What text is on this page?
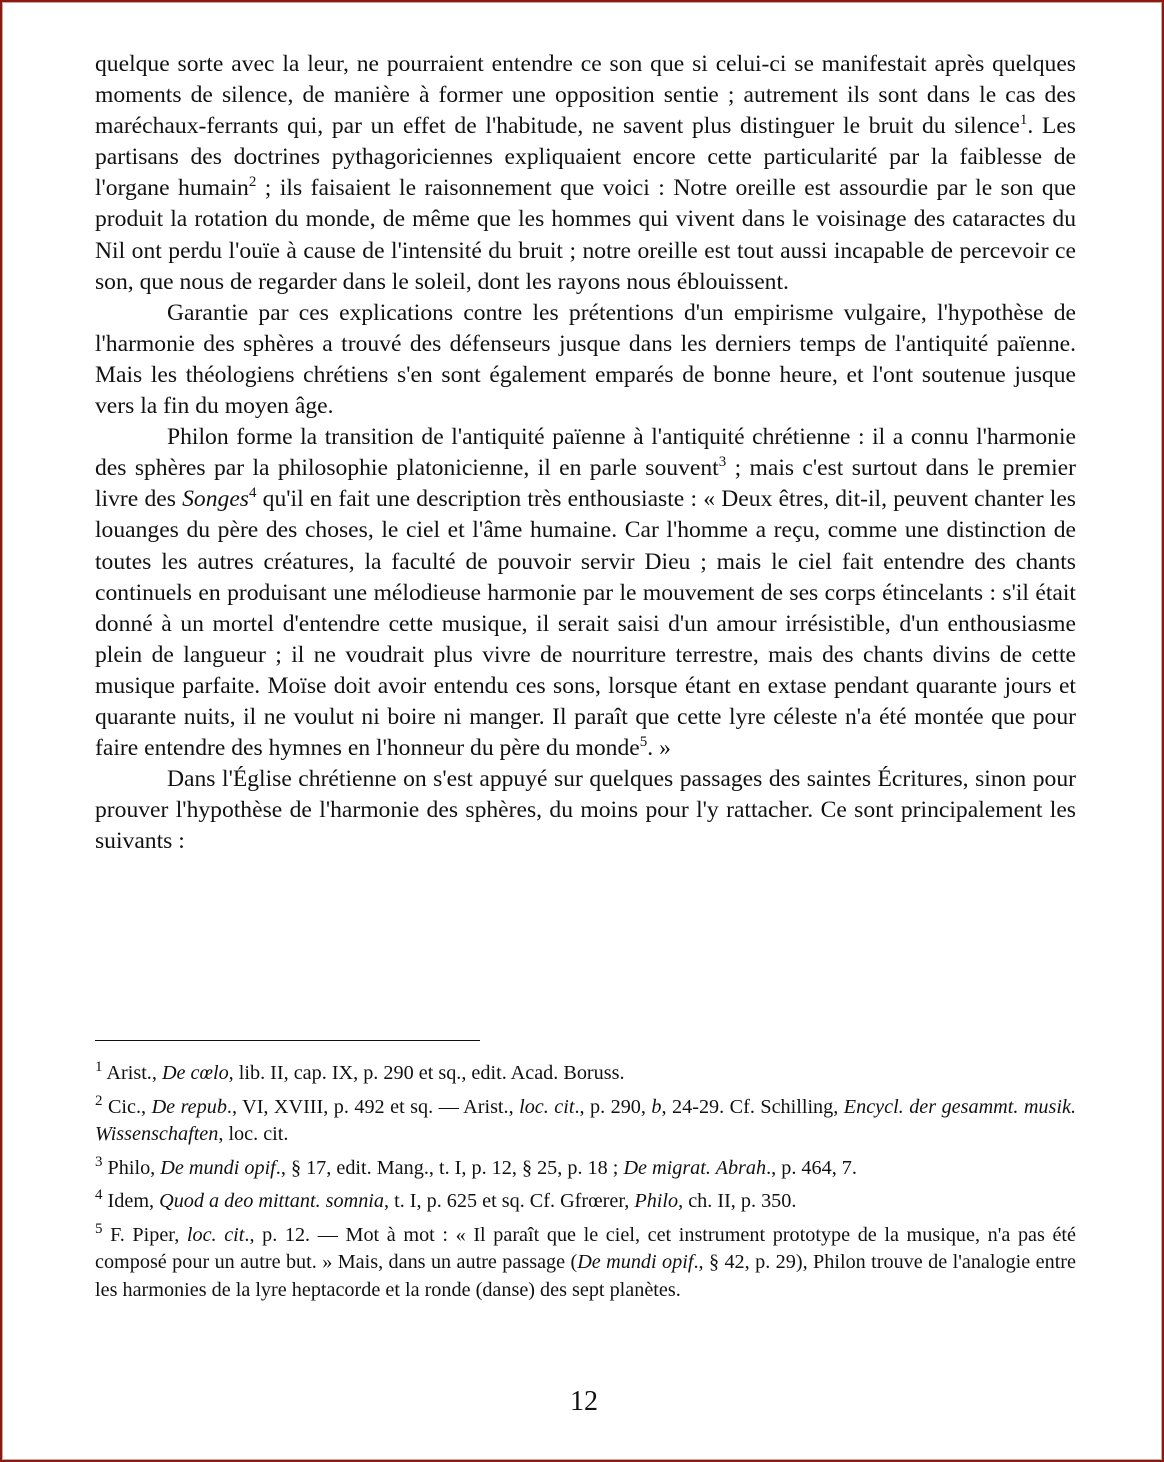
quelque sorte avec la leur, ne pourraient entendre ce son que si celui-ci se manifestait après quelques moments de silence, de manière à former une opposition sentie ; autrement ils sont dans le cas des maréchaux-ferrants qui, par un effet de l'habitude, ne savent plus distinguer le bruit du silence$^1$. Les partisans des doctrines pythagoriciennes expliquaient encore cette particularité par la faiblesse de l'organe humain$^2$ ; ils faisaient le raisonnement que voici : Notre oreille est assourdie par le son que produit la rotation du monde, de même que les hommes qui vivent dans le voisinage des cataractes du Nil ont perdu l'ouïe à cause de l'intensité du bruit ; notre oreille est tout aussi incapable de percevoir ce son, que nous de regarder dans le soleil, dont les rayons nous éblouissent.

Garantie par ces explications contre les prétentions d'un empirisme vulgaire, l'hypothèse de l'harmonie des sphères a trouvé des défenseurs jusque dans les derniers temps de l'antiquité païenne. Mais les théologiens chrétiens s'en sont également emparés de bonne heure, et l'ont soutenue jusque vers la fin du moyen âge.

Philon forme la transition de l'antiquité païenne à l'antiquité chrétienne : il a connu l'harmonie des sphères par la philosophie platonicienne, il en parle souvent$^3$ ; mais c'est surtout dans le premier livre des Songes$^4$ qu'il en fait une description très enthousiaste : « Deux êtres, dit-il, peuvent chanter les louanges du père des choses, le ciel et l'âme humaine. Car l'homme a reçu, comme une distinction de toutes les autres créatures, la faculté de pouvoir servir Dieu ; mais le ciel fait entendre des chants continuels en produisant une mélodieuse harmonie par le mouvement de ses corps étincelants : s'il était donné à un mortel d'entendre cette musique, il serait saisi d'un amour irrésistible, d'un enthousiasme plein de langueur ; il ne voudrait plus vivre de nourriture terrestre, mais des chants divins de cette musique parfaite. Moïse doit avoir entendu ces sons, lorsque étant en extase pendant quarante jours et quarante nuits, il ne voulut ni boire ni manger. Il paraît que cette lyre céleste n'a été montée que pour faire entendre des hymnes en l'honneur du père du monde$^5$. »

Dans l'Église chrétienne on s'est appuyé sur quelques passages des saintes Écritures, sinon pour prouver l'hypothèse de l'harmonie des sphères, du moins pour l'y rattacher. Ce sont principalement les suivants :

$^1$ Arist., De cœlo, lib. II, cap. IX, p. 290 et sq., edit. Acad. Boruss.

$^2$ Cic., De repub., VI, XVIII, p. 492 et sq. — Arist., loc. cit., p. 290, b, 24-29. Cf. Schilling, Encycl. der gesammt. musik. Wissenschaften, loc. cit.

$^3$ Philo, De mundi opif., § 17, edit. Mang., t. I, p. 12, § 25, p. 18 ; De migrat. Abrah., p. 464, 7.

$^4$ Idem, Quod a deo mittant. somnia, t. I, p. 625 et sq. Cf. Gfrœrer, Philo, ch. II, p. 350.

$^5$ F. Piper, loc. cit., p. 12. — Mot à mot : « Il paraît que le ciel, cet instrument prototype de la musique, n'a pas été composé pour un autre but. » Mais, dans un autre passage (De mundi opif., § 42, p. 29), Philon trouve de l'analogie entre les harmonies de la lyre heptacorde et la ronde (danse) des sept planètes.

12
